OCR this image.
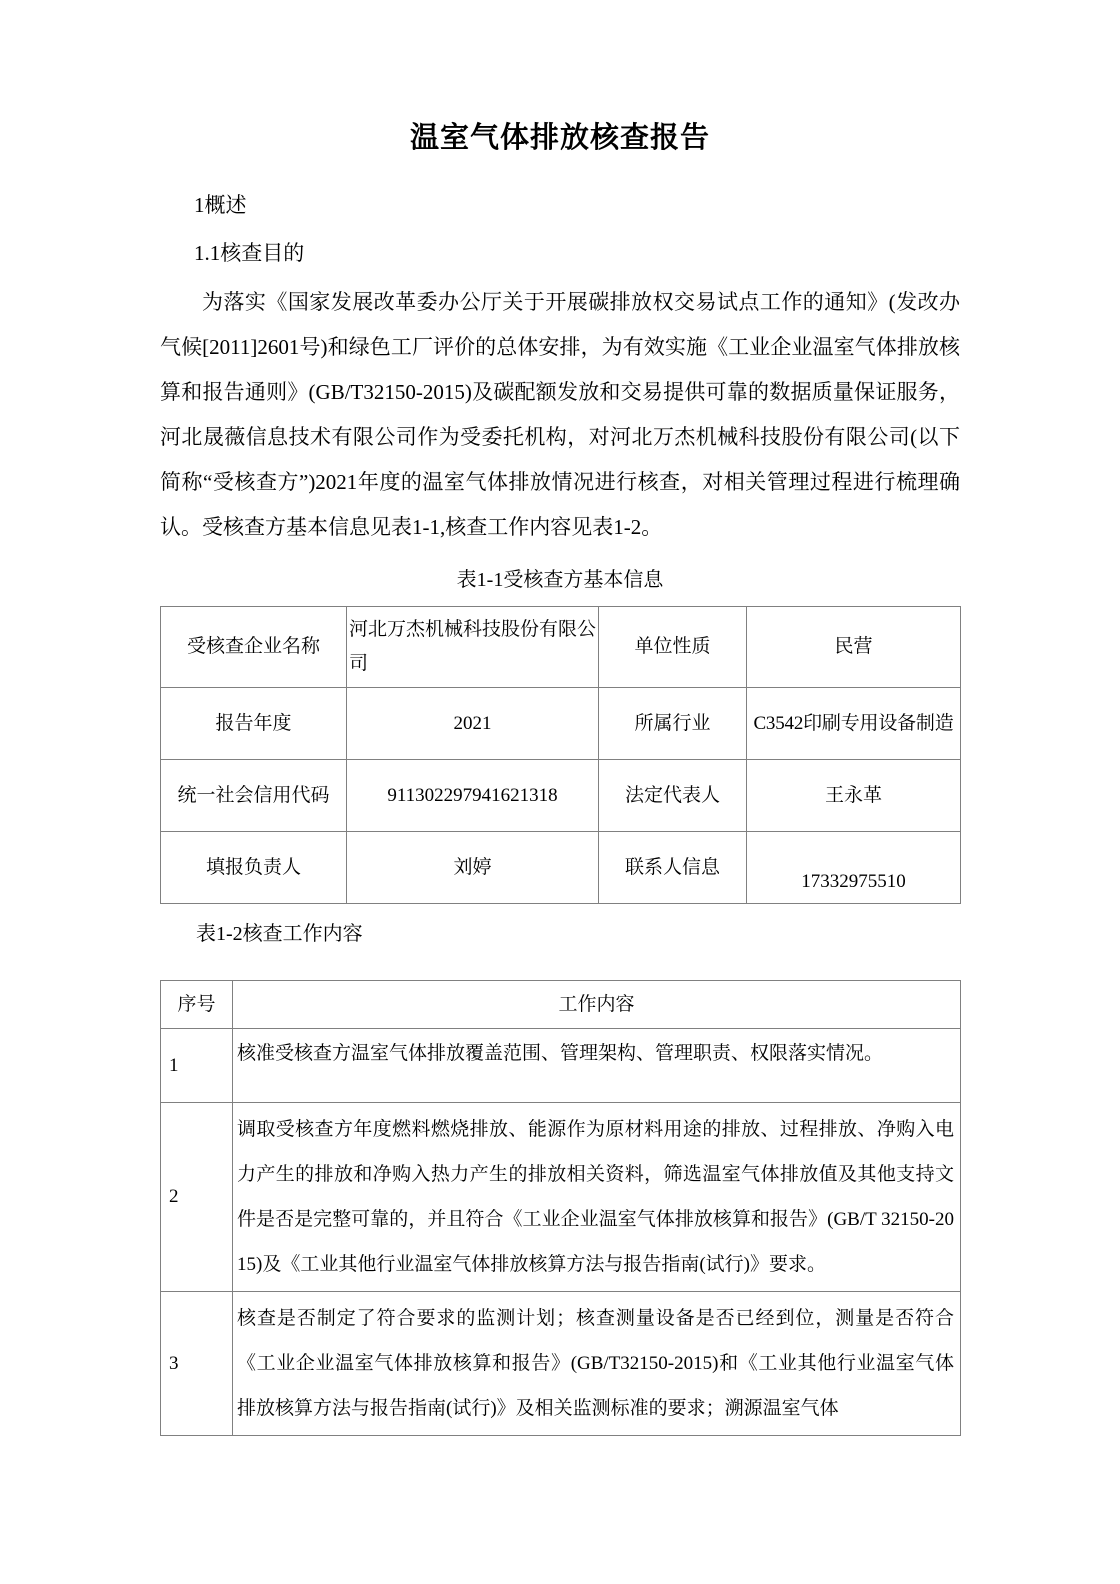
温室气体排放核查报告
1概述
1.1核查目的

为落实《国家发展改革委办公厅关于开展碳排放权交易试点工作的通知》(发改办气候[2011]2601号)和绿色工厂评价的总体安排，为有效实施《工业企业温室气体排放核算和报告通则》(GB/T32150-2015)及碳配额发放和交易提供可靠的数据质量保证服务，河北晟薇信息技术有限公司作为受委托机构，对河北万杰机械科技股份有限公司(以下简称“受核查方”)2021年度的温室气体排放情况进行核查，对相关管理过程进行梳理确认。受核查方基本信息见表1-1,核查工作内容见表1-2。

表1-1受核查方基本信息
受核查企业名称	河北万杰机械科技股份有限公司	单位性质	民营
报告年度	2021	所属行业	C3542印刷专用设备制造
统一社会信用代码	911302297941621318	法定代表人	王永革
填报负责人	刘婷	联系人信息	17332975510
表1-2核查工作内容
序号	工作内容
1	核准受核查方温室气体排放覆盖范围、管理架构、管理职责、权限落实情况。
2	调取受核查方年度燃料燃烧排放、能源作为原材料用途的排放、过程排放、净购入电力产生的排放和净购入热力产生的排放相关资料，筛选温室气体排放值及其他支持文件是否是完整可靠的，并且符合《工业企业温室气体排放核算和报告》(GB/T 32150-2015)及《工业其他行业温室气体排放核算方法与报告指南(试行)》要求。
3	核查是否制定了符合要求的监测计划；核查测量设备是否已经到位，测量是否符合《工业企业温室气体排放核算和报告》(GB/T32150-2015)和《工业其他行业温室气体排放核算方法与报告指南(试行)》及相关监测标准的要求；溯源温室气体
